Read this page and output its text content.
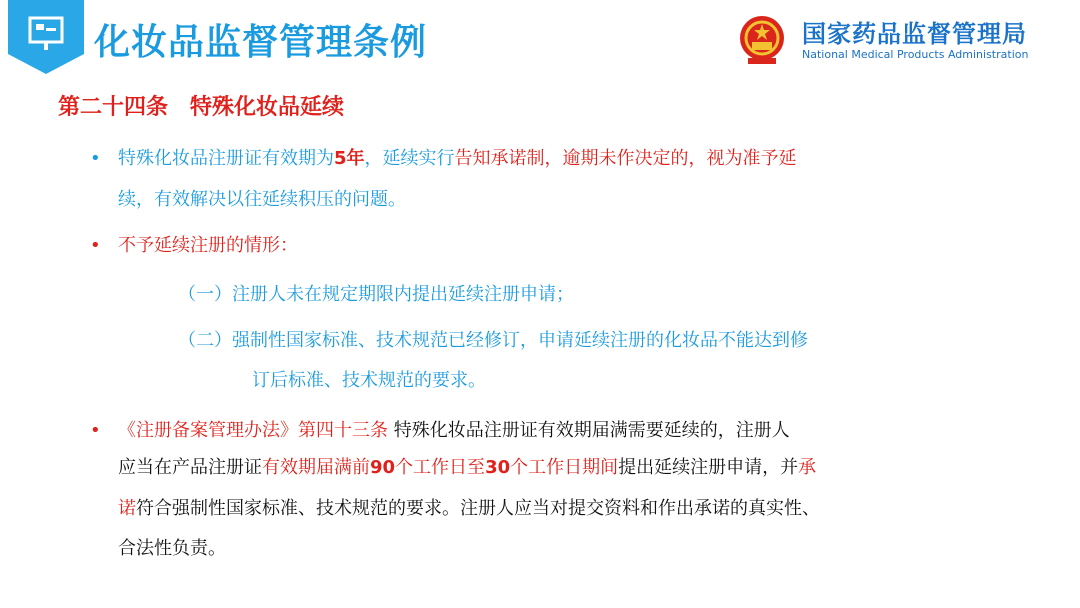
化妆品监督管理条例	国家药品监督管理局
National Medical Products Administration
第二十四条　特殊化妆品延续
• 特殊化妆品注册证有效期为5年，延续实行告知承诺制，逾期未作决定的，视为准予延
续，有效解决以往延续积压的问题。
• 不予延续注册的情形：
（一）注册人未在规定期限内提出延续注册申请；
（二）强制性国家标准、技术规范已经修订，申请延续注册的化妆品不能达到修
订后标准、技术规范的要求。
• 《注册备案管理办法》第四十三条 特殊化妆品注册证有效期届满需要延续的，注册人
应当在产品注册证有效期届满前90个工作日至30个工作日期间提出延续注册申请，并承
诺符合强制性国家标准、技术规范的要求。注册人应当对提交资料和作出承诺的真实性、
合法性负责。
